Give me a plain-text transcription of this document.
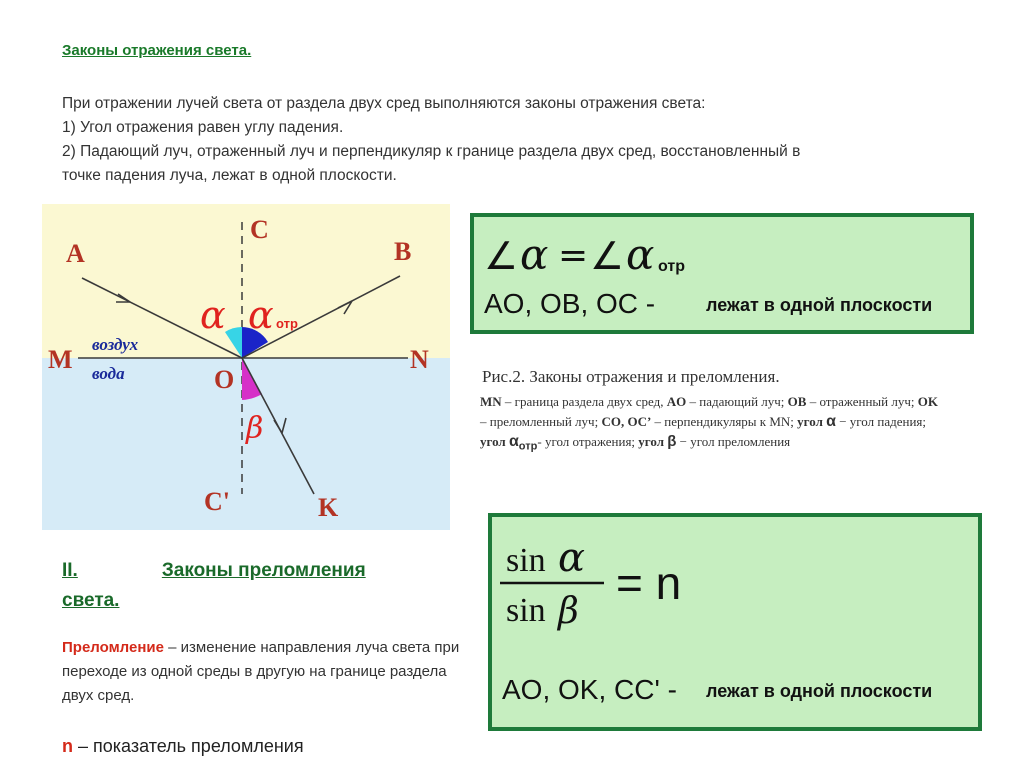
Законы отражения света.
При отражении лучей света от раздела двух сред выполняются законы отражения света:
1) Угол отражения равен углу падения.
2) Падающий луч, отраженный луч и перпендикуляр к границе раздела двух сред, восстановленный в
точке падения луча, лежат в одной плоскости.
A	B
C
M	N
O
C'	K
воздух
вода
α α отр
β
∠ α = ∠ α отр
AO, OB, OC -	лежат в одной плоскости
Рис.2. Законы отражения и преломления.
MN – граница раздела двух сред, AO – падающий луч; OB – отраженный луч; OK – преломленный луч; CO, OC’ – перпендикуляры к MN; угол α − угол падения; угол $\alpha_{отр}-$ угол отражения; угол β − угол преломления
II.	Законы преломления
света.
Преломление – изменение направления луча света при переходе из одной среды в другую на границе раздела двух сред.
n – показатель преломления
sin α
sin β
= n
AO, OK, CC' - лежат в одной плоскости
